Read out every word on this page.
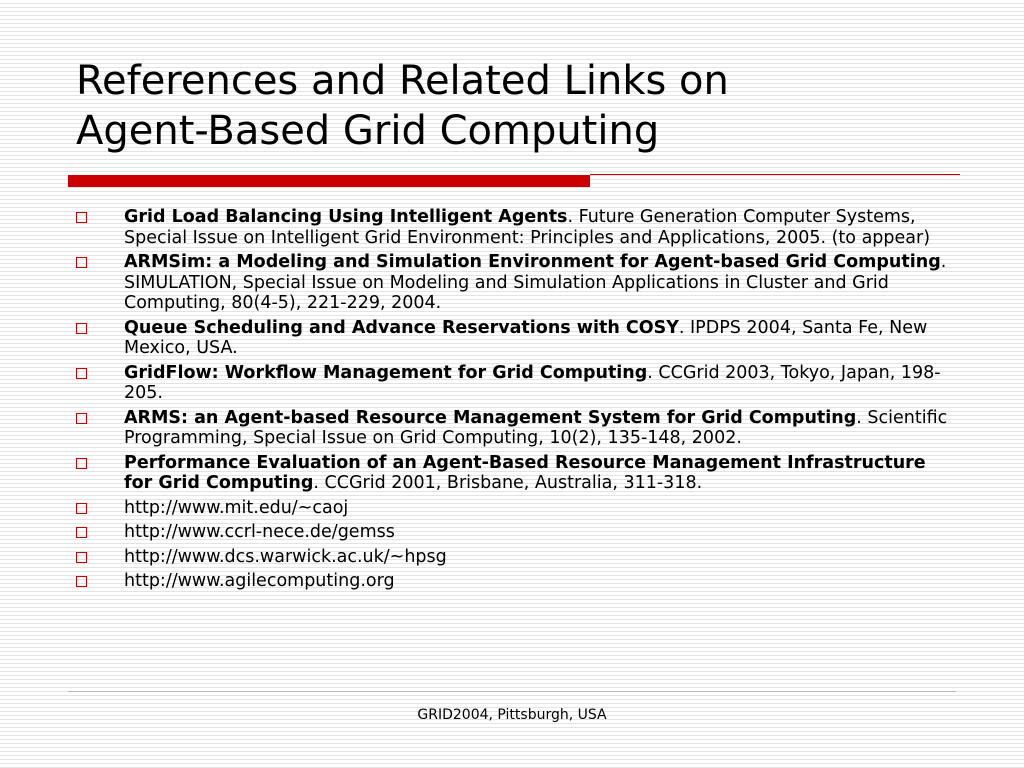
References and Related Links on
Agent-Based Grid Computing
Grid Load Balancing Using Intelligent Agents. Future Generation Computer Systems, Special Issue on Intelligent Grid Environment: Principles and Applications, 2005. (to appear)
ARMSim: a Modeling and Simulation Environment for Agent-based Grid Computing. SIMULATION, Special Issue on Modeling and Simulation Applications in Cluster and Grid Computing, 80(4-5), 221-229, 2004.
Queue Scheduling and Advance Reservations with COSY. IPDPS 2004, Santa Fe, New Mexico, USA.
GridFlow: Workflow Management for Grid Computing. CCGrid 2003, Tokyo, Japan, 198-205.
ARMS: an Agent-based Resource Management System for Grid Computing. Scientific Programming, Special Issue on Grid Computing, 10(2), 135-148, 2002.
Performance Evaluation of an Agent-Based Resource Management Infrastructure for Grid Computing. CCGrid 2001, Brisbane, Australia, 311-318.
http://www.mit.edu/~caoj
http://www.ccrl-nece.de/gemss
http://www.dcs.warwick.ac.uk/~hpsg
http://www.agilecomputing.org
GRID2004, Pittsburgh, USA
